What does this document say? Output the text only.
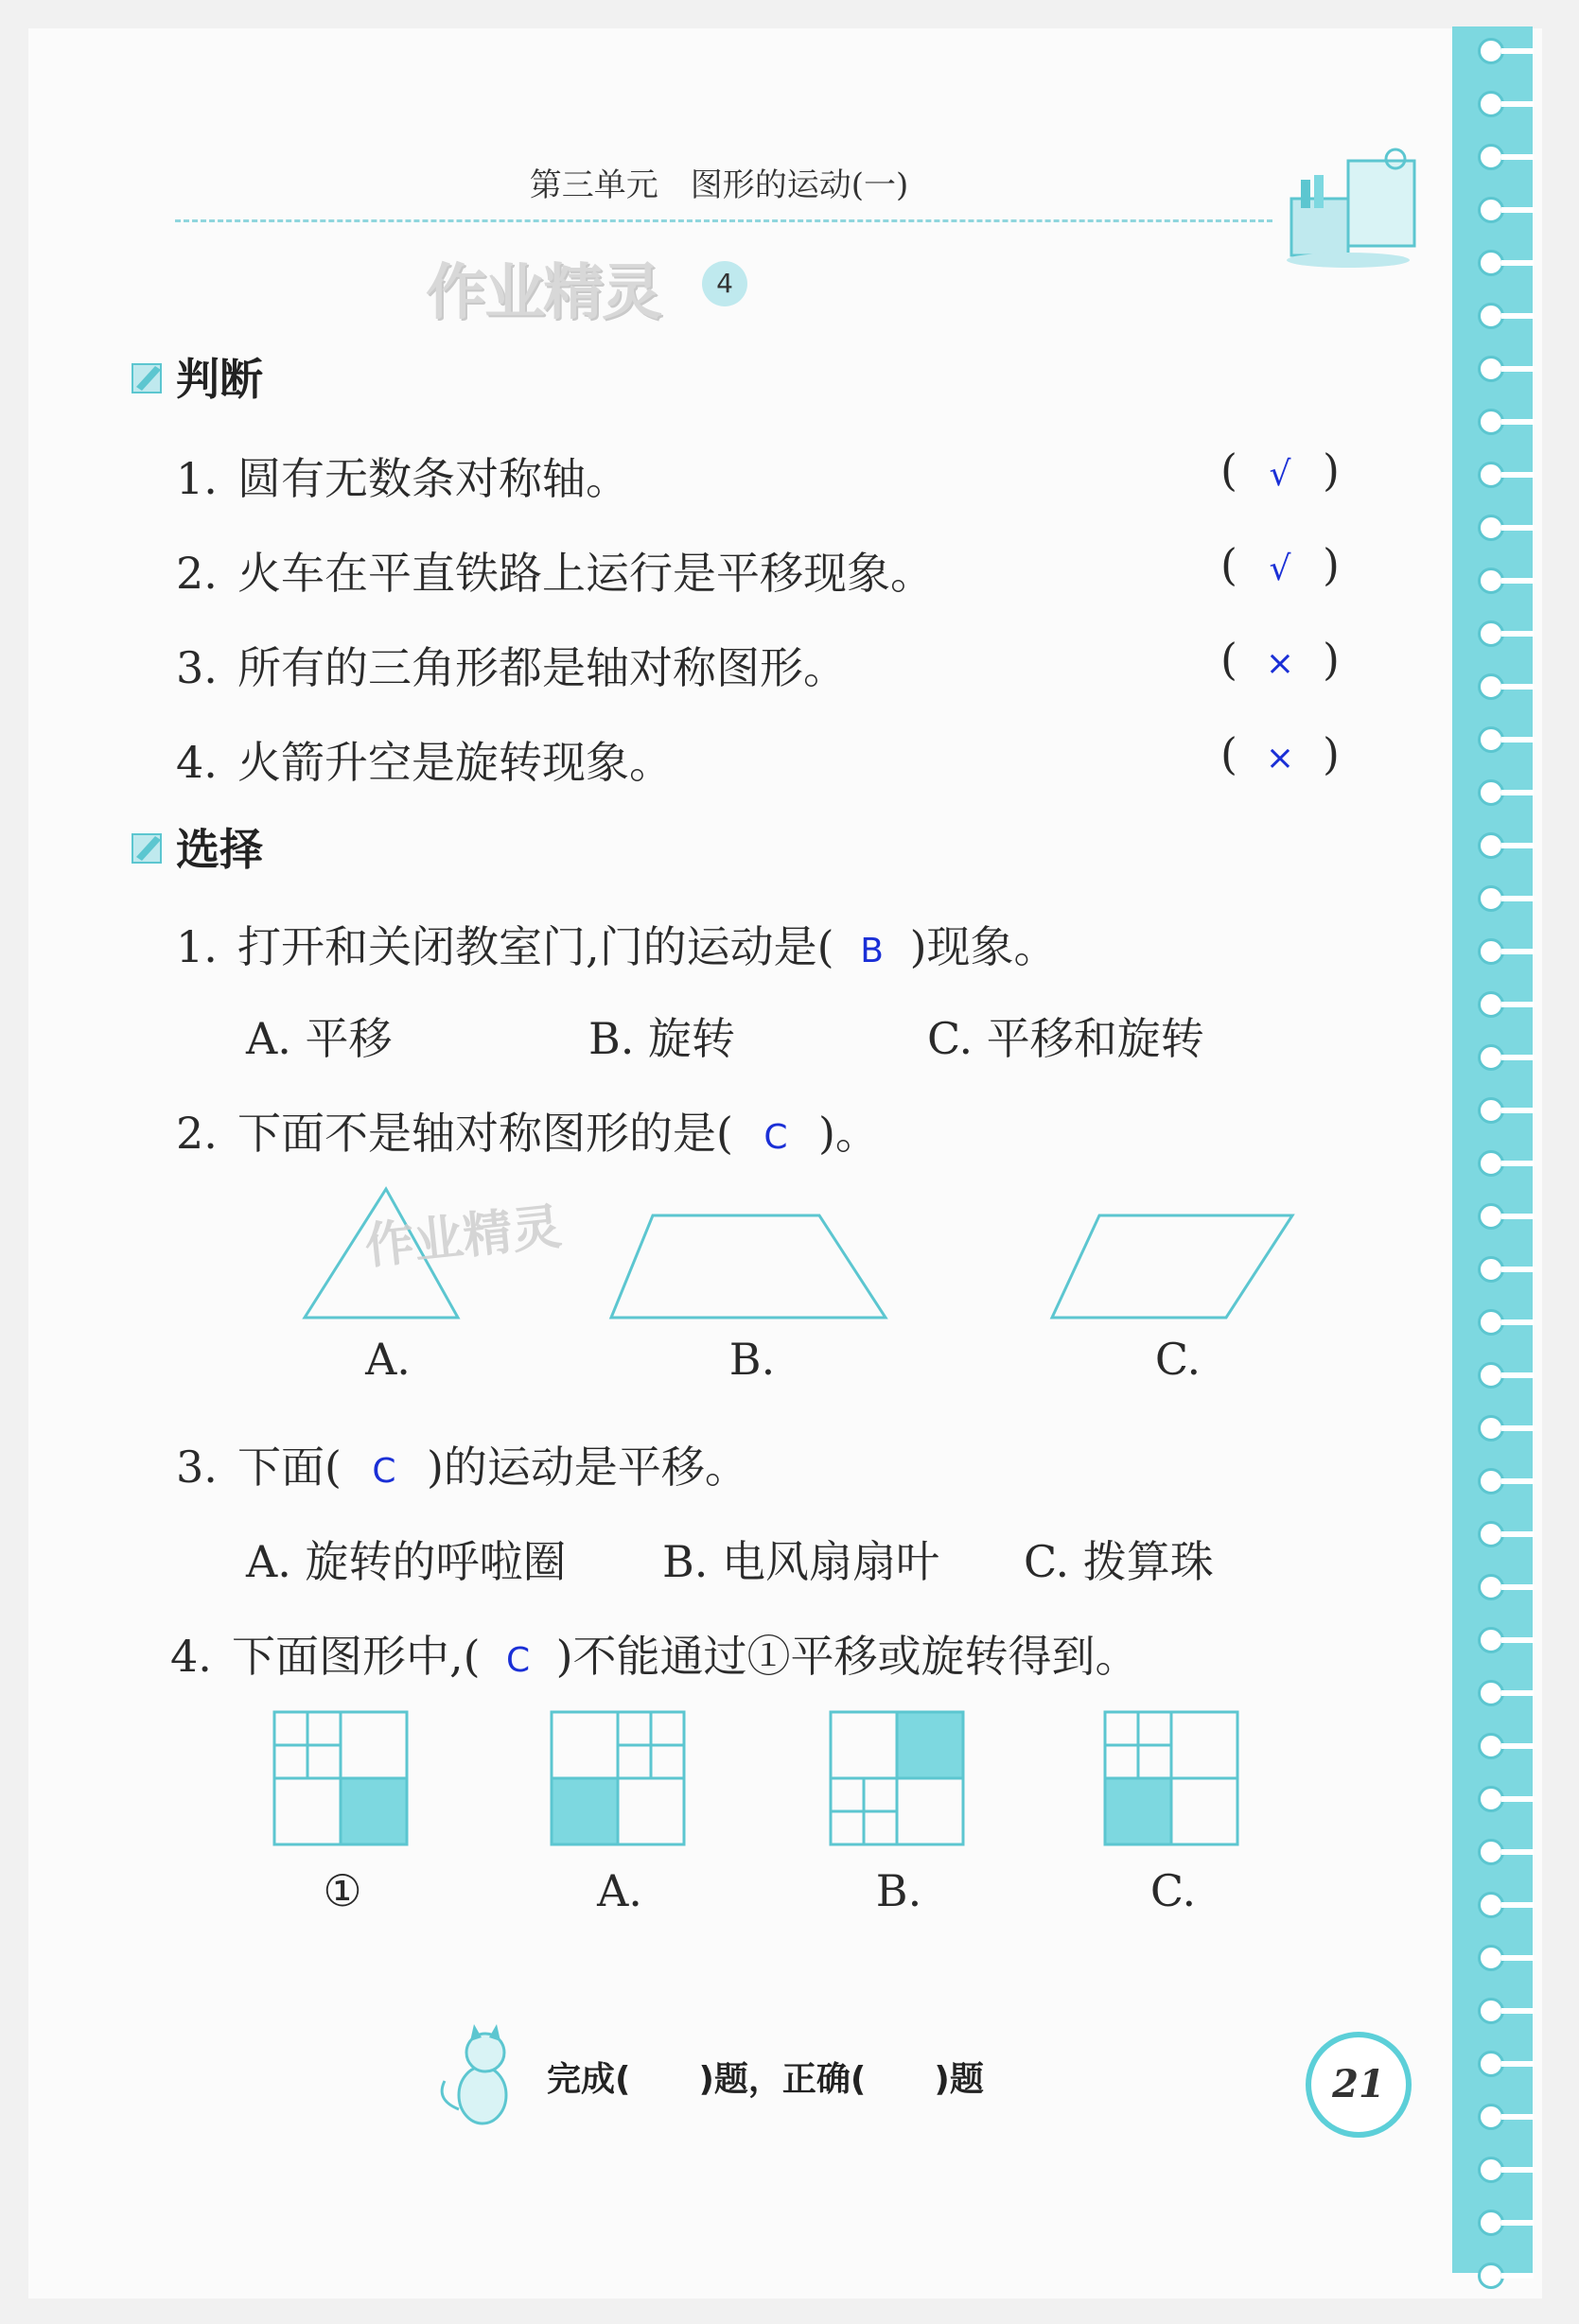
第三单元　图形的运动(一)
作业精灵	4
判断
1. 圆有无数条对称轴。	( √ )
2. 火车在平直铁路上运行是平移现象。	( √ )
3. 所有的三角形都是轴对称图形。	( × )
4. 火箭升空是旋转现象。	( × )
选择
1. 打开和关闭教室门,门的运动是( B )现象。
A. 平移	B. 旋转	C. 平移和旋转
2. 下面不是轴对称图形的是( C )。
作业精灵
A.	B.	C.
3. 下面( C )的运动是平移。
A. 旋转的呼啦圈 B. 电风扇扇叶 C. 拨算珠
4. 下面图形中,( C )不能通过①平移或旋转得到。
①	A.	B.	C.
完成(　　)题，正确(　　)题	21
